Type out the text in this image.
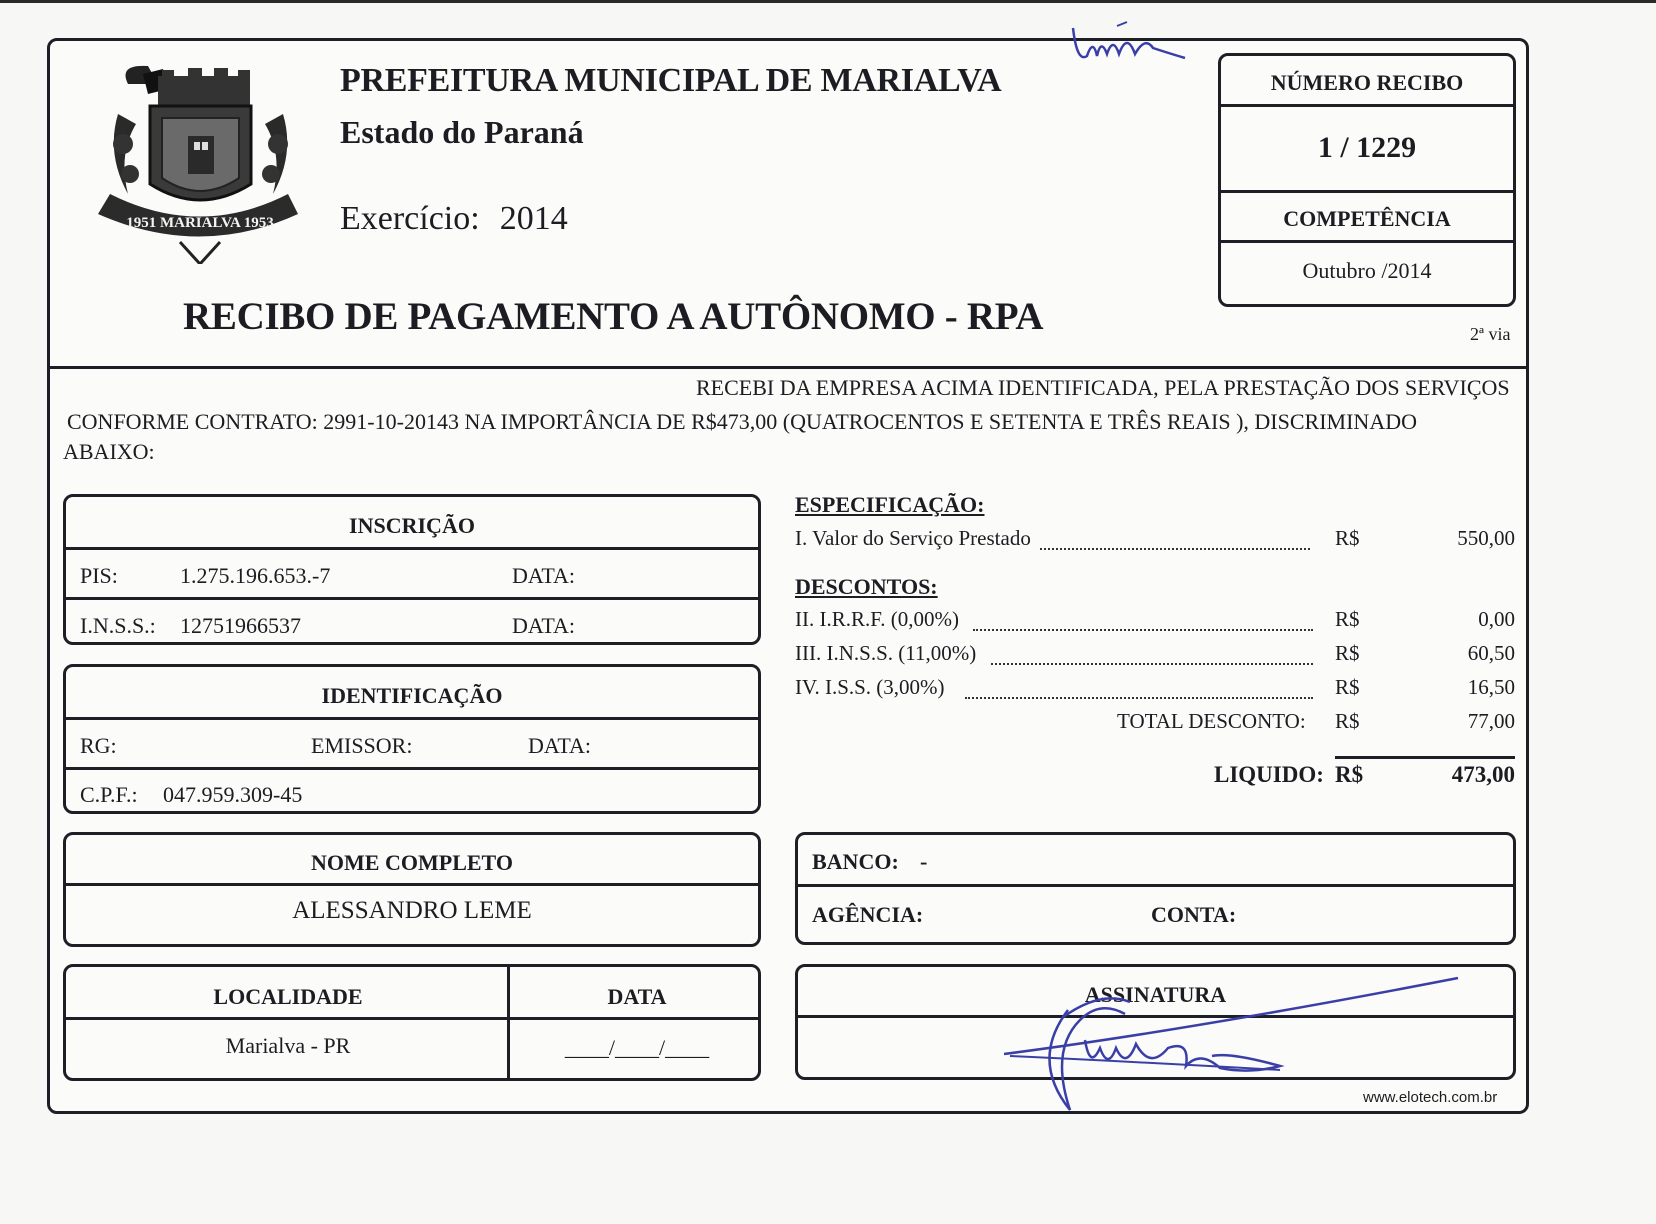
1951 MARIALVA 1953
PREFEITURA MUNICIPAL DE MARIALVA
Estado do Paraná
Exercício: 2014
RECIBO DE PAGAMENTO A AUTÔNOMO - RPA	2ª via
NÚMERO RECIBO
1 / 1229
COMPETÊNCIA
Outubro /2014
RECEBI DA EMPRESA ACIMA IDENTIFICADA, PELA PRESTAÇÃO DOS SERVIÇOS
CONFORME CONTRATO: 2991-10-20143 NA IMPORTÂNCIA DE R$473,00 (QUATROCENTOS E SETENTA E TRÊS REAIS ), DISCRIMINADO
ABAIXO:
INSCRIÇÃO
PIS:	1.275.196.653.-7	DATA:
I.N.S.S.: 12751966537	DATA:
IDENTIFICAÇÃO
RG:	EMISSOR:	DATA:
C.P.F.: 047.959.309-45
NOME COMPLETO
ALESSANDRO LEME
LOCALIDADE	DATA
Marialva - PR	____/____/____
ESPECIFICAÇÃO:
I. Valor do Serviço Prestado	R$	550,00
DESCONTOS:
II. I.R.R.F. (0,00%)	R$	0,00
III. I.N.S.S. (11,00%)	R$	60,50
IV. I.S.S. (3,00%)	R$	16,50
TOTAL DESCONTO: R$	77,00
LIQUIDO: R$	473,00
BANCO: -
AGÊNCIA:	CONTA:
ASSINATURA
www.elotech.com.br
